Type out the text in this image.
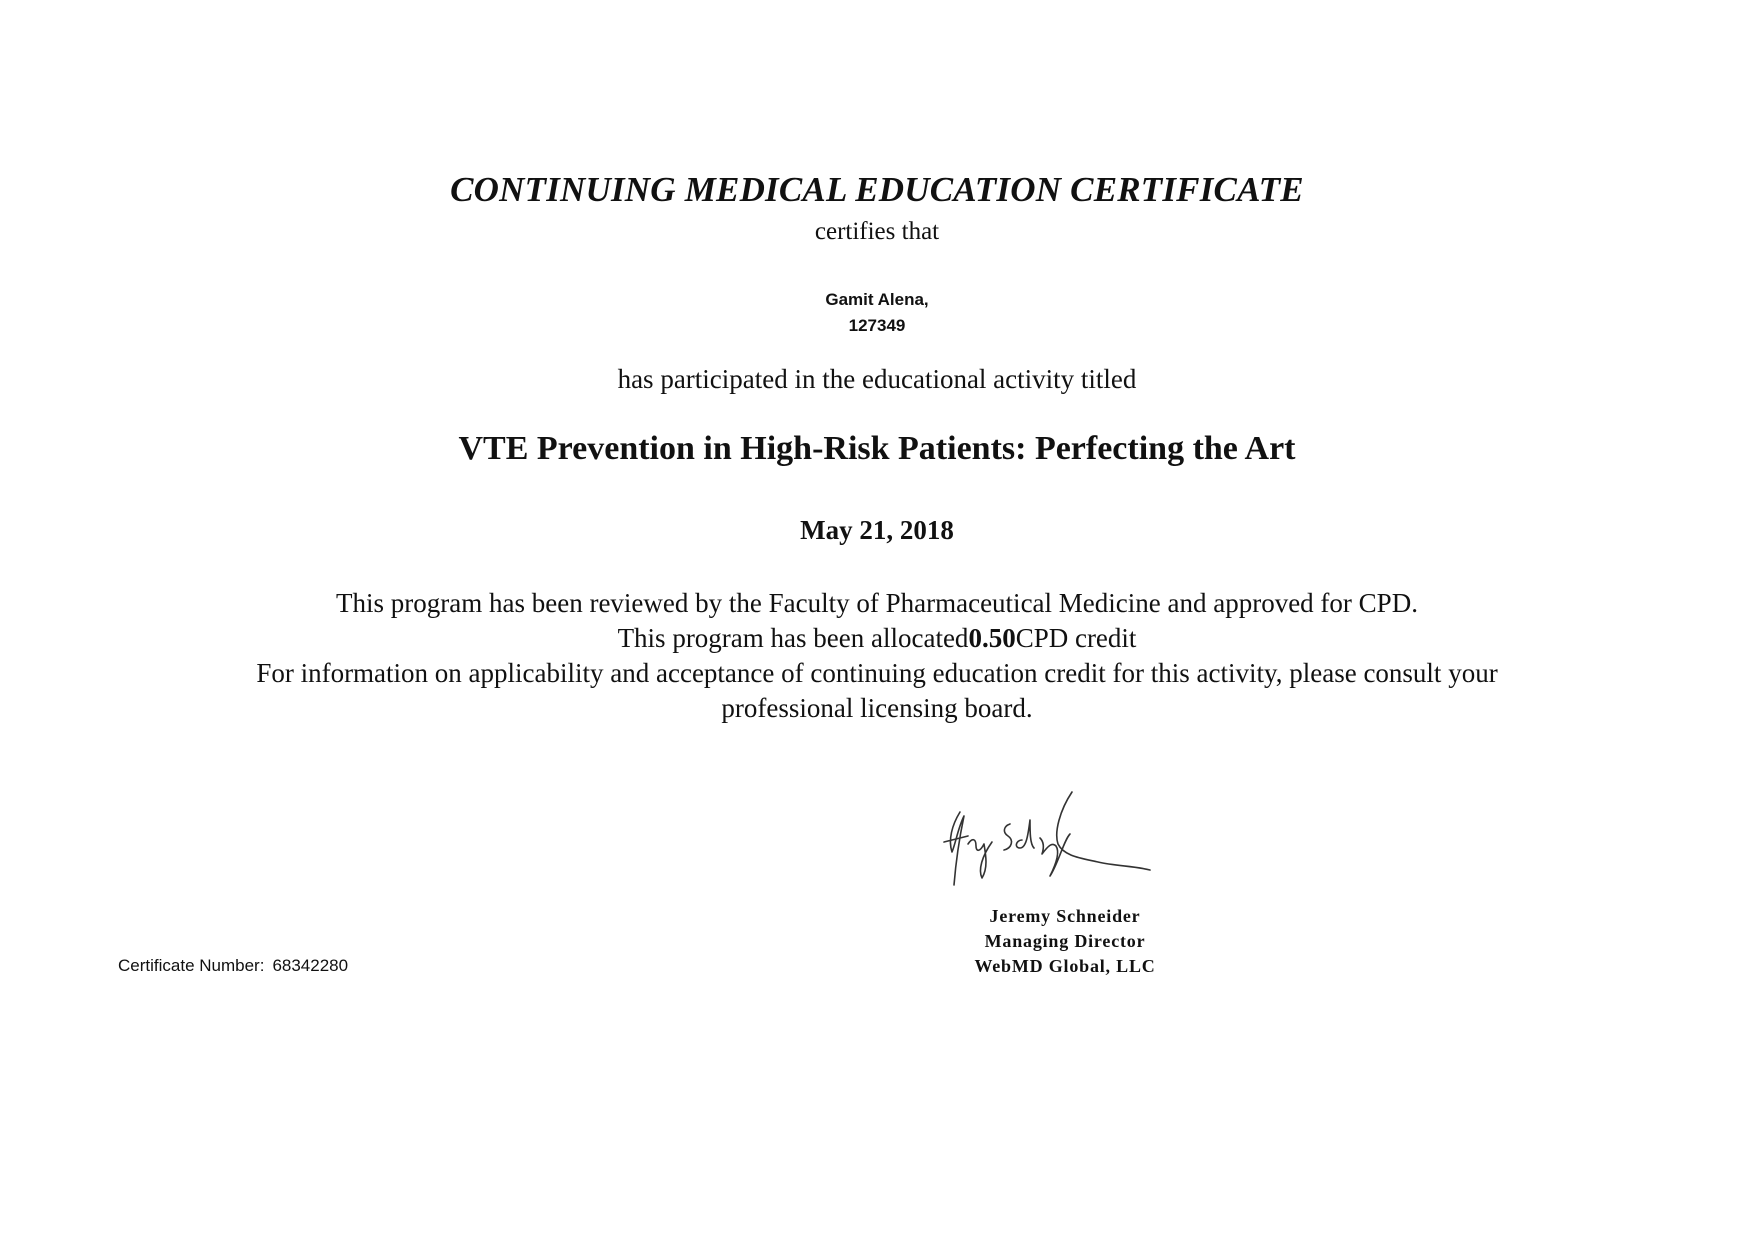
CONTINUING MEDICAL EDUCATION CERTIFICATE
certifies that
Gamit Alena,
127349
has participated in the educational activity titled
VTE Prevention in High-Risk Patients: Perfecting the Art
May 21, 2018
This program has been reviewed by the Faculty of Pharmaceutical Medicine and approved for CPD.
This program has been allocated0.50CPD credit
For information on applicability and acceptance of continuing education credit for this activity, please consult your
professional licensing board.
Certificate Number: 68342280
Jeremy Schneider
Managing Director
WebMD Global, LLC
